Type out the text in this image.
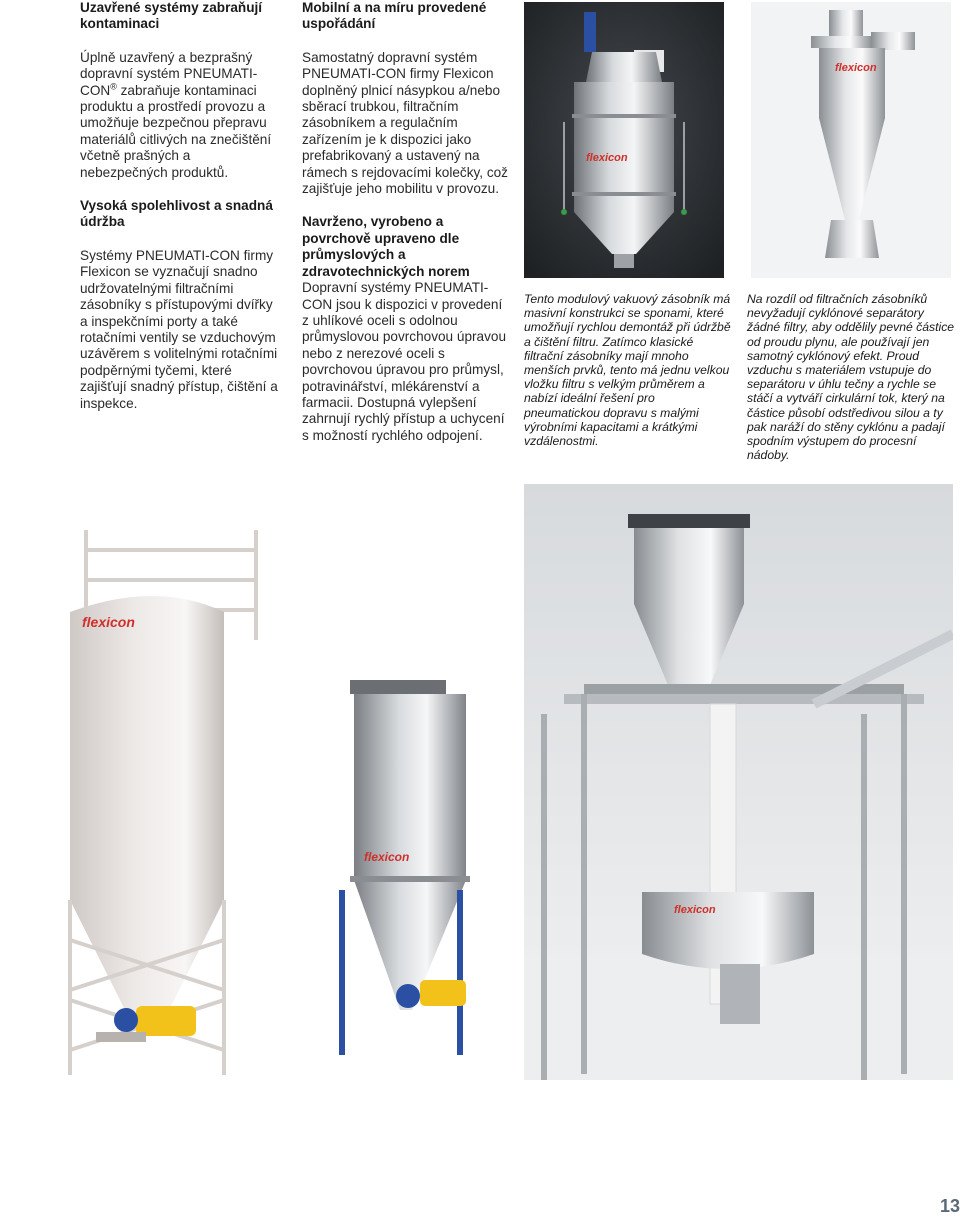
Uzavřené systémy zabraňují kontaminaci

Úplně uzavřený a bezprašný dopravní systém PNEUMATI-CON® zabraňuje kontaminaci produktu a prostředí provozu a umožňuje bezpečnou přepravu materiálů citlivých na znečištění včetně prašných a nebezpečných produktů.

Vysoká spolehlivost a snadná údržba

Systémy PNEUMATI-CON firmy Flexicon se vyznačují snadno udržovatelnými filtračními zásobníky s přístupovými dvířky a inspekčními porty a také rotačními ventily se vzduchovým uzávěrem s volitelnými rotačními podpěrnými tyčemi, které zajišťují snadný přístup, čištění a inspekce.

Mobilní a na míru provedené uspořádání

Samostatný dopravní systém PNEUMATI-CON firmy Flexicon doplněný plnicí násypkou a/nebo sběrací trubkou, filtračním zásobníkem a regulačním zařízením je k dispozici jako prefabrikovaný a ustavený na rámech s rejdovacími kolečky, což zajišťuje jeho mobilitu v provozu.

Navrženo, vyrobeno a povrchově upraveno dle průmyslových a zdravotechnických norem

Dopravní systémy PNEUMATI-CON jsou k dispozici v provedení z uhlíkové oceli s odolnou průmyslovou povrchovou úpravou nebo z nerezové oceli s povrchovou úpravou pro průmysl, potravinářství, mlékárenství a farmacii. Dostupná vylepšení zahrnují rychlý přístup a uchycení s možností rychlého odpojení.

flexicon
flexicon
Tento modulový vakuový zásobník má masivní konstrukci se sponami, které umožňují rychlou demontáž při údržbě a čištění filtru. Zatímco klasické filtrační zásobníky mají mnoho menších prvků, tento má jednu velkou vložku filtru s velkým průměrem a nabízí ideální řešení pro pneumatickou dopravu s malými výrobními kapacitami a krátkými vzdálenostmi.
Na rozdíl od filtračních zásobníků nevyžadují cyklónové separátory žádné filtry, aby oddělily pevné částice od proudu plynu, ale používají jen samotný cyklónový efekt. Proud vzduchu s materiálem vstupuje do separátoru v úhlu tečny a rychle se stáčí a vytváří cirkulární tok, který na částice působí odstředivou silou a ty pak naráží do stěny cyklónu a padají spodním výstupem do procesní nádoby.
flexicon
flexicon
flexicon
13
